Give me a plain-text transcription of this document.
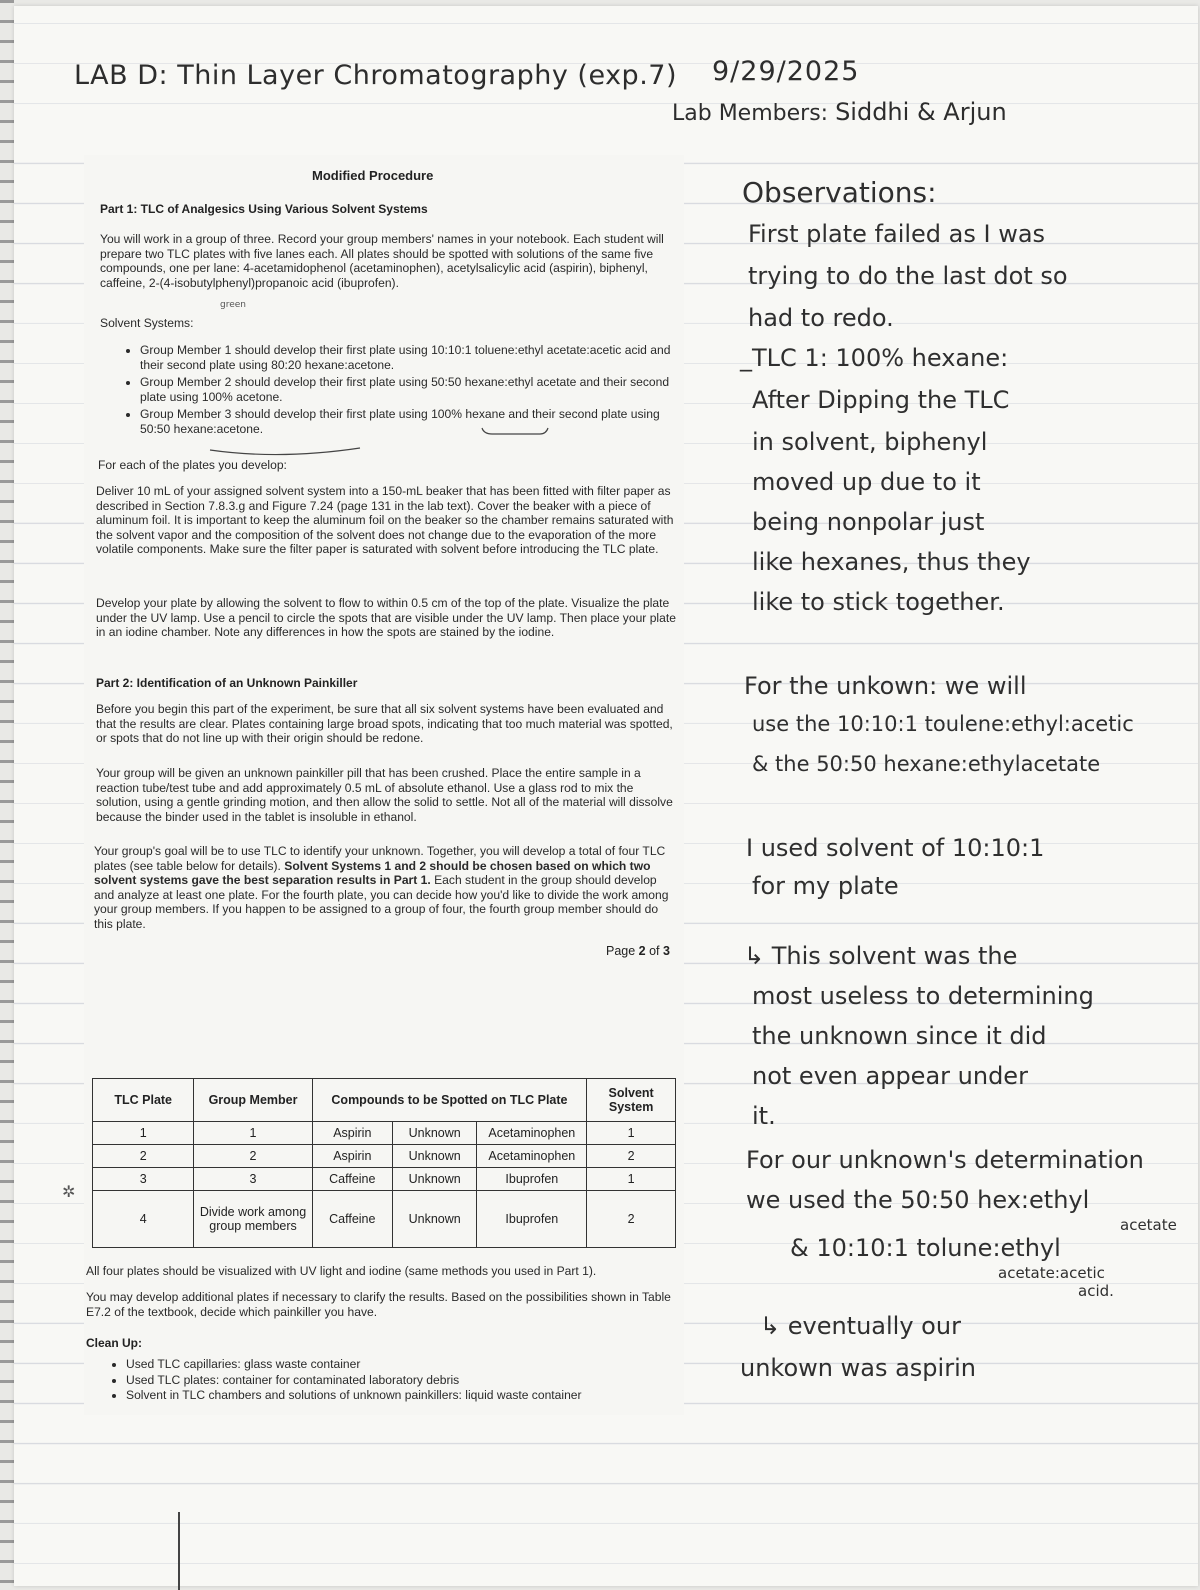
LAB D: Thin Layer Chromatography (exp.7) 9/29/2025
Lab Members: Siddhi & Arjun
Modified Procedure
Part 1: TLC of Analgesics Using Various Solvent Systems
You will work in a group of three. Record your group members' names in your notebook. Each student will prepare two TLC plates with five lanes each. All plates should be spotted with solutions of the same five compounds, one per lane: 4-acetamidophenol (acetaminophen), acetylsalicylic acid (aspirin), biphenyl, caffeine, 2-(4-isobutylphenyl)propanoic acid (ibuprofen).
green
Solvent Systems:
• Group Member 1 should develop their first plate using 10:10:1 toluene:ethyl acetate:acetic acid and their second plate using 80:20 hexane:acetone.
• Group Member 2 should develop their first plate using 50:50 hexane:ethyl acetate and their second plate using 100% acetone.
• Group Member 3 should develop their first plate using 100% hexane and their second plate using 50:50 hexane:acetone.
For each of the plates you develop:
Deliver 10 mL of your assigned solvent system into a 150-mL beaker that has been fitted with filter paper as described in Section 7.8.3.g and Figure 7.24 (page 131 in the lab text). Cover the beaker with a piece of aluminum foil. It is important to keep the aluminum foil on the beaker so the chamber remains saturated with the solvent vapor and the composition of the solvent does not change due to the evaporation of the more volatile components. Make sure the filter paper is saturated with solvent before introducing the TLC plate.
Develop your plate by allowing the solvent to flow to within 0.5 cm of the top of the plate. Visualize the plate under the UV lamp. Use a pencil to circle the spots that are visible under the UV lamp. Then place your plate in an iodine chamber. Note any differences in how the spots are stained by the iodine.
Part 2: Identification of an Unknown Painkiller
Before you begin this part of the experiment, be sure that all six solvent systems have been evaluated and that the results are clear. Plates containing large broad spots, indicating that too much material was spotted, or spots that do not line up with their origin should be redone.
Your group will be given an unknown painkiller pill that has been crushed. Place the entire sample in a reaction tube/test tube and add approximately 0.5 mL of absolute ethanol. Use a glass rod to mix the solution, using a gentle grinding motion, and then allow the solid to settle. Not all of the material will dissolve because the binder used in the tablet is insoluble in ethanol.
Your group's goal will be to use TLC to identify your unknown. Together, you will develop a total of four TLC plates (see table below for details). Solvent Systems 1 and 2 should be chosen based on which two solvent systems gave the best separation results in Part 1. Each student in the group should develop and analyze at least one plate. For the fourth plate, you can decide how you'd like to divide the work among your group members. If you happen to be assigned to a group of four, the fourth group member should do this plate.
Page 2 of 3
TLC Plate	Group Member	Compounds to be Spotted on TLC Plate			Solvent System
1	1	Aspirin	Unknown	Acetaminophen	1
2	2	Aspirin	Unknown	Acetaminophen	2
3	3	Caffeine	Unknown	Ibuprofen	1
4	Divide work among group members	Caffeine	Unknown	Ibuprofen	2
✲
All four plates should be visualized with UV light and iodine (same methods you used in Part 1).
You may develop additional plates if necessary to clarify the results. Based on the possibilities shown in Table E7.2 of the textbook, decide which painkiller you have.
Clean Up:
• Used TLC capillaries: glass waste container
• Used TLC plates: container for contaminated laboratory debris
• Solvent in TLC chambers and solutions of unknown painkillers: liquid waste container
Observations:
First plate failed as I was
trying to do the last dot so
had to redo.
_TLC 1: 100% hexane:
After Dipping the TLC
in solvent, biphenyl
moved up due to it
being nonpolar just
like hexanes, thus they
like to stick together.
For the unkown: we will
use the 10:10:1 toulene:ethyl:acetic
& the 50:50 hexane:ethylacetate
I used solvent of 10:10:1
for my plate
↳ This solvent was the
most useless to determining
the unknown since it did
not even appear under
it.
For our unknown's determination
we used the 50:50 hex:ethyl
acetate
& 10:10:1 tolune:ethyl
acetate:acetic
acid.
↳ eventually our
unkown was aspirin
